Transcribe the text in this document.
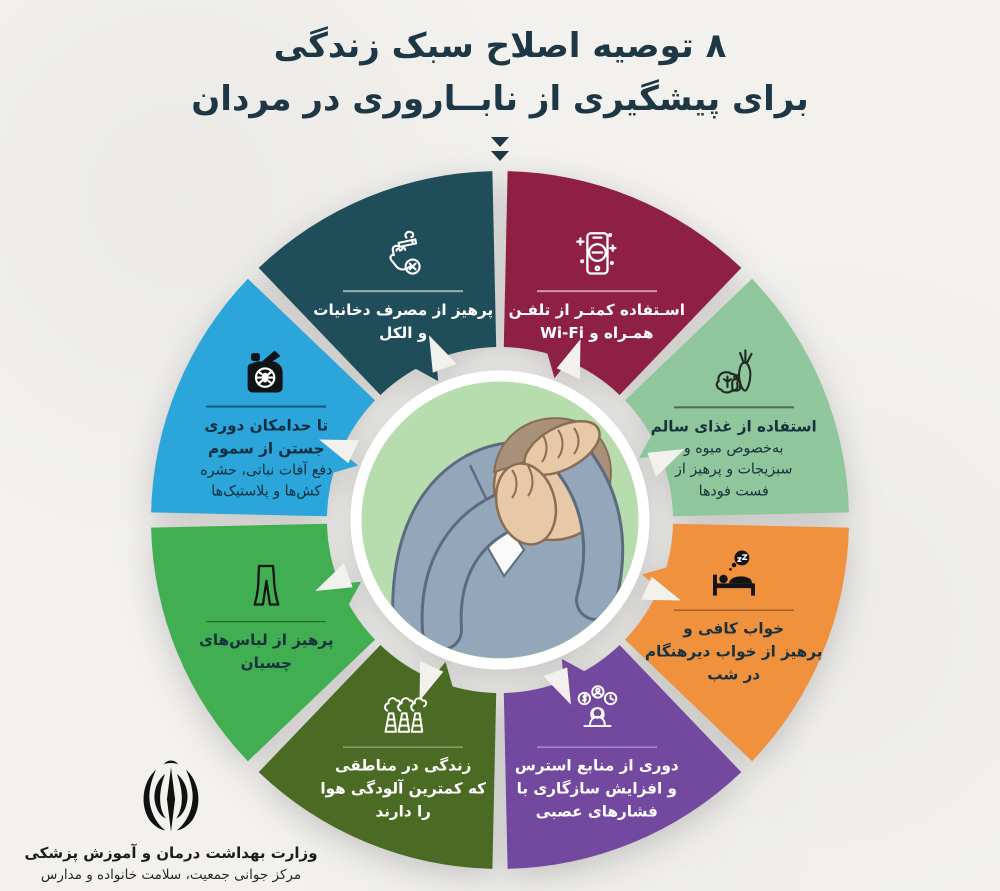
۸ توصیه اصلاح سبک زندگی
برای پیشگیری از نابــاروری در مردان
اسـتفاده کمتـر از تلفـن
همـراه و Wi-Fi
استفاده از غذای سالم
به‌خصوص میوه و
سبزیجات و پرهیز از
فست فودها
خواب کافی و
پرهیز از خواب دیرهنگام
در شب
دوری از منابع استرس
و افزایش سازگاری با
فشارهای عصبی
زندگی در مناطقی
که کمترین آلودگی هوا
را دارند
پرهیز از لباس‌های
چسبان
تا حدامکان دوری
جستن از سموم
دفع آفات نباتی، حشره
کش‌ها و پلاستیک‌ها
پرهیز از مصرف دخانیات
و الکل
وزارت بهداشت درمان و آموزش پزشکی
مرکز جوانی جمعیت، سلامت خانواده و مدارس
